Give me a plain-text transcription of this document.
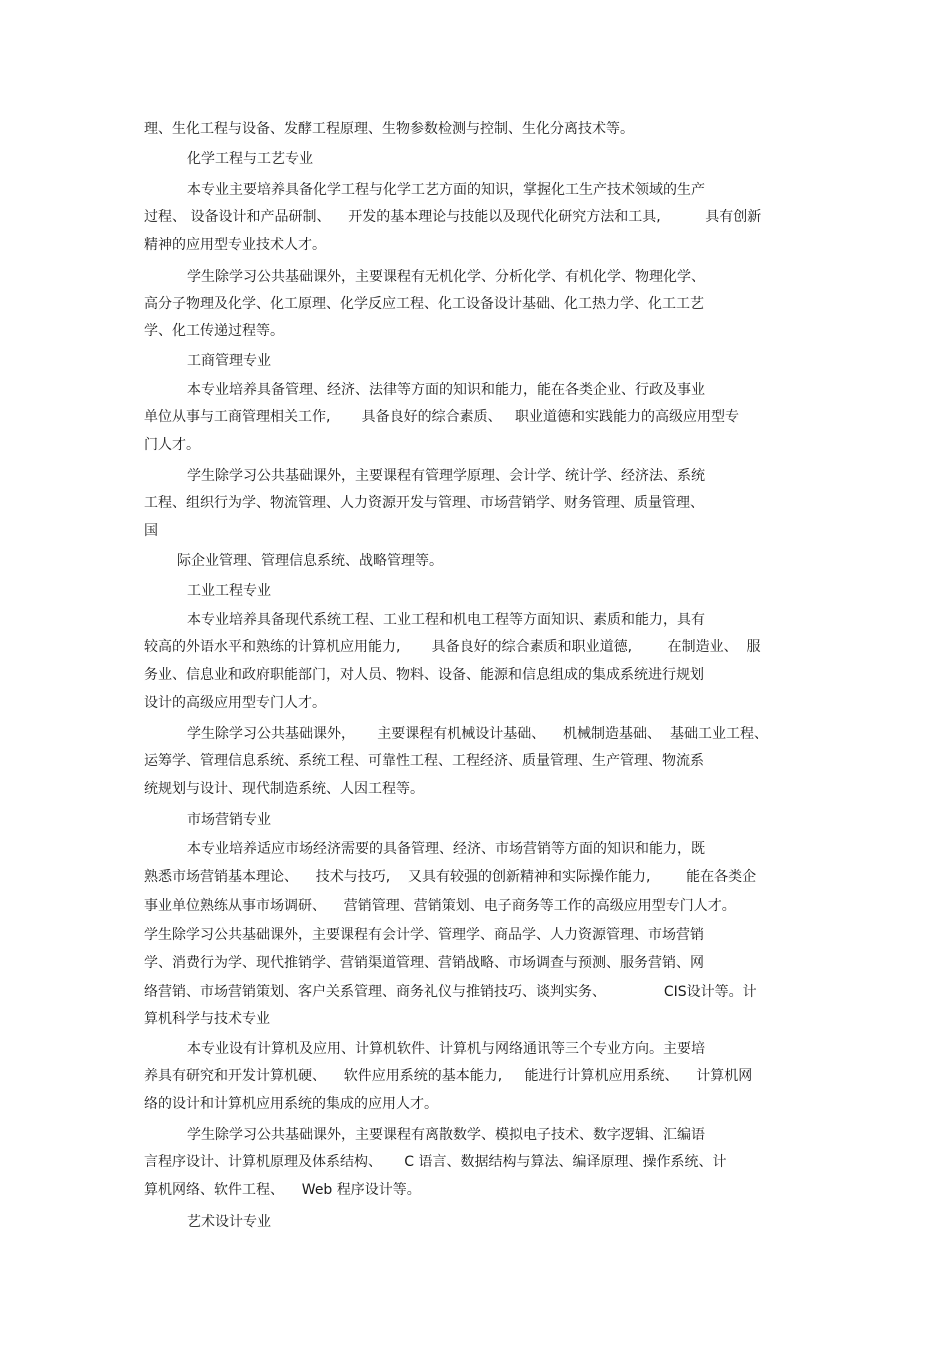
理、生化工程与设备、发酵工程原理、生物参数检测与控制、生化分离技术等。
化学工程与工艺专业
本专业主要培养具备化学工程与化学工艺方面的知识，掌握化工生产技术领域的生产
过程、 设备设计和产品研制、    开发的基本理论与技能以及现代化研究方法和工具,          具有创新
精神的应用型专业技术人才。
学生除学习公共基础课外，主要课程有无机化学、分析化学、有机化学、物理化学、
高分子物理及化学、化工原理、化学反应工程、化工设备设计基础、化工热力学、化工工艺
学、化工传递过程等。
工商管理专业
本专业培养具备管理、经济、法律等方面的知识和能力，能在各类企业、行政及事业
单位从事与工商管理相关工作,       具备良好的综合素质、   职业道德和实践能力的高级应用型专
门人才。
学生除学习公共基础课外，主要课程有管理学原理、会计学、统计学、经济法、系统
工程、组织行为学、物流管理、人力资源开发与管理、市场营销学、财务管理、质量管理、
国
际企业管理、管理信息系统、战略管理等。
工业工程专业
本专业培养具备现代系统工程、工业工程和机电工程等方面知识、素质和能力，具有
较高的外语水平和熟练的计算机应用能力,       具备良好的综合素质和职业道德,        在制造业、  服
务业、信息业和政府职能部门，对人员、物料、设备、能源和信息组成的集成系统进行规划
设计的高级应用型专门人才。
学生除学习公共基础课外，     主要课程有机械设计基础、    机械制造基础、  基础工业工程、
运筹学、管理信息系统、系统工程、可靠性工程、工程经济、质量管理、生产管理、物流系
统规划与设计、现代制造系统、人因工程等。
市场营销专业
本专业培养适应市场经济需要的具备管理、经济、市场营销等方面的知识和能力，既
熟悉市场营销基本理论、    技术与技巧,    又具有较强的创新精神和实际操作能力,        能在各类企
事业单位熟练从事市场调研、    营销管理、营销策划、电子商务等工作的高级应用型专门人才。
学生除学习公共基础课外，主要课程有会计学、管理学、商品学、人力资源管理、市场营销
学、消费行为学、现代推销学、营销渠道管理、营销战略、市场调查与预测、服务营销、网
络营销、市场营销策划、客户关系管理、商务礼仪与推销技巧、谈判实务、             CIS设计等。计
算机科学与技术专业
本专业设有计算机及应用、计算机软件、计算机与网络通讯等三个专业方向。主要培
养具有研究和开发计算机硬、    软件应用系统的基本能力,     能进行计算机应用系统、    计算机网
络的设计和计算机应用系统的集成的应用人才。
学生除学习公共基础课外，主要课程有离散数学、模拟电子技术、数字逻辑、汇编语
言程序设计、计算机原理及体系结构、     C 语言、数据结构与算法、编译原理、操作系统、计
算机网络、软件工程、    Web 程序设计等。
艺术设计专业
